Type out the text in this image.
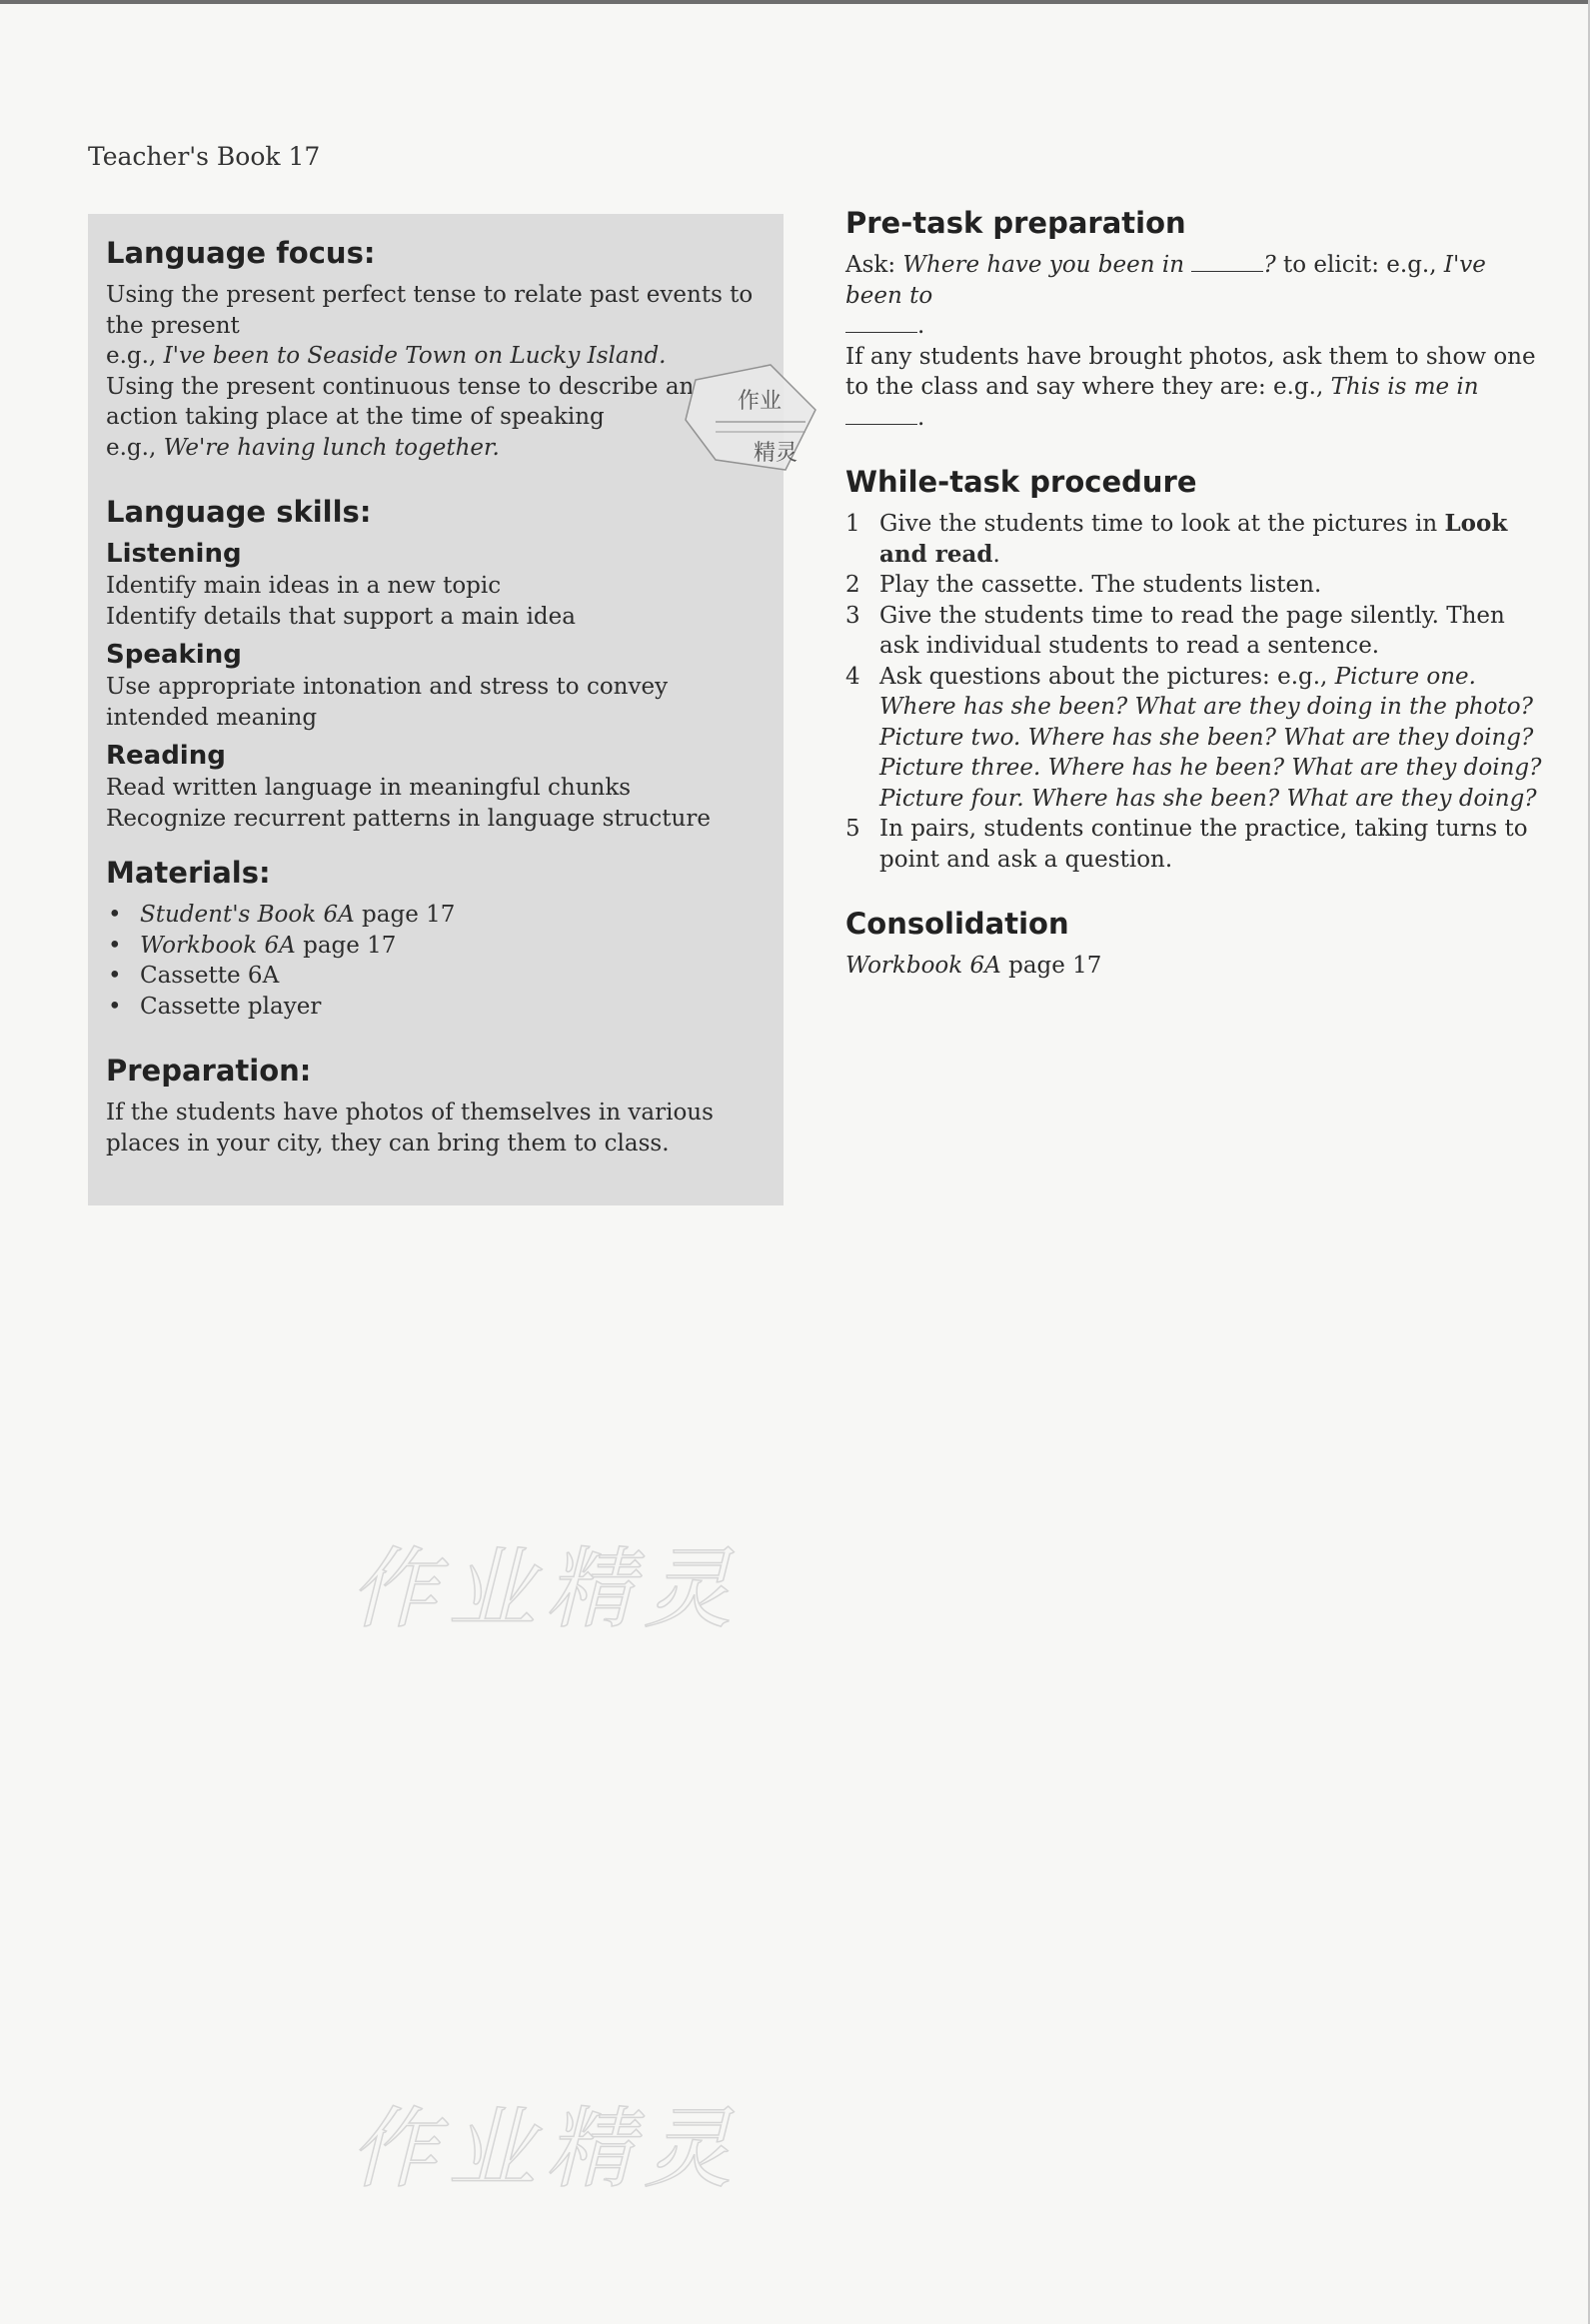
Teacher's Book 17
Language focus:
Using the present perfect tense to relate past events to the present
e.g., I've been to Seaside Town on Lucky Island.
Using the present continuous tense to describe an action taking place at the time of speaking
e.g., We're having lunch together.
Language skills:
Listening
Identify main ideas in a new topic
Identify details that support a main idea
Speaking
Use appropriate intonation and stress to convey intended meaning
Reading
Read written language in meaningful chunks
Recognize recurrent patterns in language structure
Materials:
• Student's Book 6A page 17
• Workbook 6A page 17
• Cassette 6A
• Cassette player
Preparation:
If the students have photos of themselves in various places in your city, they can bring them to class.
作业
精灵
Pre-task preparation
Ask: Where have you been in	? to elicit: e.g., I've been to
.
If any students have brought photos, ask them to show one to the class and say where they are: e.g., This is me in
.
While-task procedure
1 Give the students time to look at the pictures in Look and read.
2 Play the cassette. The students listen.
3 Give the students time to read the page silently. Then ask individual students to read a sentence.
4 Ask questions about the pictures: e.g., Picture one. Where has she been? What are they doing in the photo? Picture two. Where has she been? What are they doing? Picture three. Where has he been? What are they doing? Picture four. Where has she been? What are they doing?
5 In pairs, students continue the practice, taking turns to point and ask a question.
Consolidation
Workbook 6A page 17
作业精灵
作业精灵
